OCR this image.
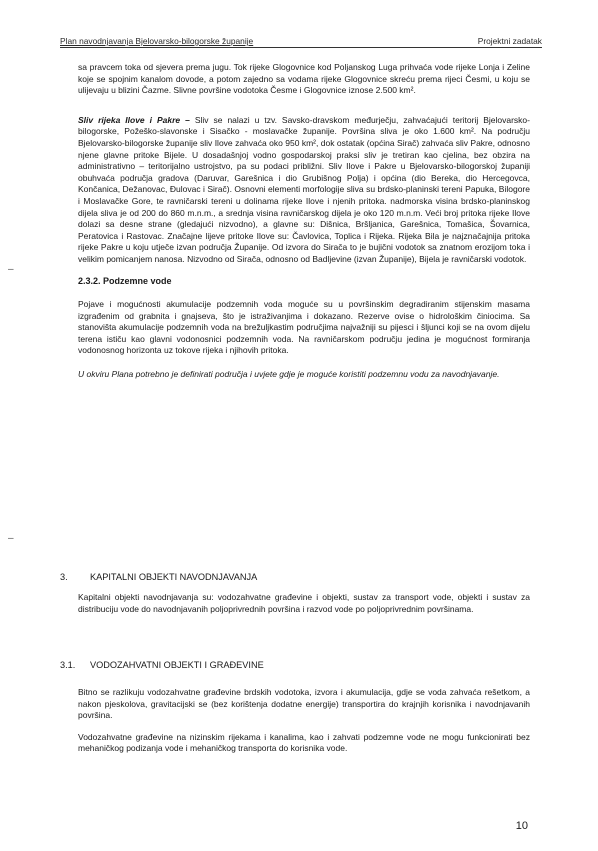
Plan navodnjavanja Bjelovarsko-bilogorske županije	Projektni zadatak

sa pravcem toka od sjevera prema jugu. Tok rijeke Glogovnice kod Poljanskog Luga prihvaća vode rijeke Lonja i Zeline koje se spojnim kanalom dovode, a potom zajedno sa vodama rijeke Glogovnice skreću prema rijeci Česmi, u koju se ulijevaju u blizini Čazme. Slivne površine vodotoka Česme i Glogovnice iznose 2.500 km².

Sliv rijeka Ilove i Pakre – Sliv se nalazi u tzv. Savsko-dravskom međurječju, zahvaćajući teritorij Bjelovarsko-bilogorske, Požeško-slavonske i Sisačko - moslavačke županije. Površina sliva je oko 1.600 km². Na području Bjelovarsko-bilogorske županije sliv Ilove zahvaća oko 950 km², dok ostatak (općina Sirač) zahvaća sliv Pakre, odnosno njene glavne pritoke Bijele. U dosadašnjoj vodno gospodarskoj praksi sliv je tretiran kao cjelina, bez obzira na administrativno – teritorijalno ustrojstvo, pa su podaci približni. Sliv Ilove i Pakre u Bjelovarsko-bilogorskoj županiji obuhvaća područja gradova (Daruvar, Garešnica i dio Grubišnog Polja) i općina (dio Bereka, dio Hercegovca, Končanica, Dežanovac, Đulovac i Sirač). Osnovni elementi morfologije sliva su brdsko-planinski tereni Papuka, Bilogore i Moslavačke Gore, te ravničarski tereni u dolinama rijeke Ilove i njenih pritoka. nadmorska visina brdsko-planinskog dijela sliva je od 200 do 860 m.n.m., a srednja visina ravničarskog dijela je oko 120 m.n.m. Veći broj pritoka rijeke Ilove dolazi sa desne strane (gledajući nizvodno), a glavne su: Dišnica, Bršljanica, Garešnica, Tomašica, Šovarnica, Peratovica i Rastovac. Značajne lijeve pritoke Ilove su: Čavlovica, Toplica i Rijeka. Rijeka Bila je najznačajnija pritoka rijeke Pakre u koju utječe izvan područja Županije. Od izvora do Sirača to je bujični vodotok sa znatnom erozijom toka i velikim pomicanjem nanosa. Nizvodno od Sirača, odnosno od Badljevine (izvan Županije), Bijela je ravničarski vodotok.

2.3.2. Podzemne vode

Pojave i mogućnosti akumulacije podzemnih voda moguće su u površinskim degradiranim stijenskim masama izgrađenim od grabnita i gnajseva, što je istraživanjima i dokazano. Rezerve ovise o hidrološkim činiocima. Sa stanovišta akumulacije podzemnih voda na brežuljkastim područjima najvažniji su pijesci i šljunci koji se na ovom dijelu terena ističu kao glavni vodonosnici podzemnih voda. Na ravničarskom području jedina je mogućnost formiranja vodonosnog horizonta uz tokove rijeka i njihovih pritoka.

U okviru Plana potrebno je definirati područja i uvjete gdje je moguće koristiti podzemnu vodu za navodnjavanje.

–
–
3. KAPITALNI OBJEKTI NAVODNJAVANJA

Kapitalni objekti navodnjavanja su: vodozahvatne građevine i objekti, sustav za transport vode, objekti i sustav za distribuciju vode do navodnjavanih poljoprivrednih površina i razvod vode po poljoprivrednim površinama.

3.1. VODOZAHVATNI OBJEKTI I GRAĐEVINE

Bitno se razlikuju vodozahvatne građevine brdskih vodotoka, izvora i akumulacija, gdje se voda zahvaća rešetkom, a nakon pjeskolova, gravitacijski se (bez korištenja dodatne energije) transportira do krajnjih korisnika i navodnjavanih površina.

Vodozahvatne građevine na nizinskim rijekama i kanalima, kao i zahvati podzemne vode ne mogu funkcionirati bez mehaničkog podizanja vode i mehaničkog transporta do korisnika vode.

10
